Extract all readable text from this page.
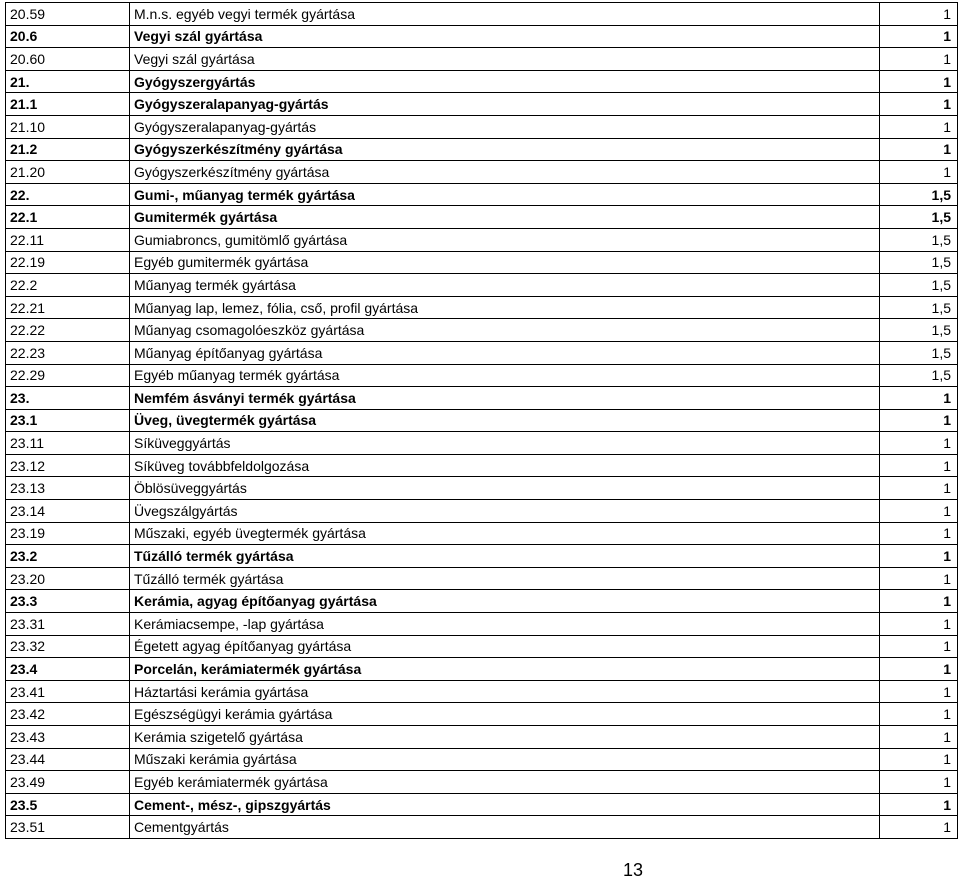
20.59	M.n.s. egyéb vegyi termék gyártása	1
20.6	Vegyi szál gyártása	1
20.60	Vegyi szál gyártása	1
21.	Gyógyszergyártás	1
21.1	Gyógyszeralapanyag-gyártás	1
21.10	Gyógyszeralapanyag-gyártás	1
21.2	Gyógyszerkészítmény gyártása	1
21.20	Gyógyszerkészítmény gyártása	1
22.	Gumi-, műanyag termék gyártása	1,5
22.1	Gumitermék gyártása	1,5
22.11	Gumiabroncs, gumitömlő gyártása	1,5
22.19	Egyéb gumitermék gyártása	1,5
22.2	Műanyag termék gyártása	1,5
22.21	Műanyag lap, lemez, fólia, cső, profil gyártása	1,5
22.22	Műanyag csomagolóeszköz gyártása	1,5
22.23	Műanyag építőanyag gyártása	1,5
22.29	Egyéb műanyag termék gyártása	1,5
23.	Nemfém ásványi termék gyártása	1
23.1	Üveg, üvegtermék gyártása	1
23.11	Síküveggyártás	1
23.12	Síküveg továbbfeldolgozása	1
23.13	Öblösüveggyártás	1
23.14	Üvegszálgyártás	1
23.19	Műszaki, egyéb üvegtermék gyártása	1
23.2	Tűzálló termék gyártása	1
23.20	Tűzálló termék gyártása	1
23.3	Kerámia, agyag építőanyag gyártása	1
23.31	Kerámiacsempe, -lap gyártása	1
23.32	Égetett agyag építőanyag gyártása	1
23.4	Porcelán, kerámiatermék gyártása	1
23.41	Háztartási kerámia gyártása	1
23.42	Egészségügyi kerámia gyártása	1
23.43	Kerámia szigetelő gyártása	1
23.44	Műszaki kerámia gyártása	1
23.49	Egyéb kerámiatermék gyártása	1
23.5	Cement-, mész-, gipszgyártás	1
23.51	Cementgyártás	1
13
